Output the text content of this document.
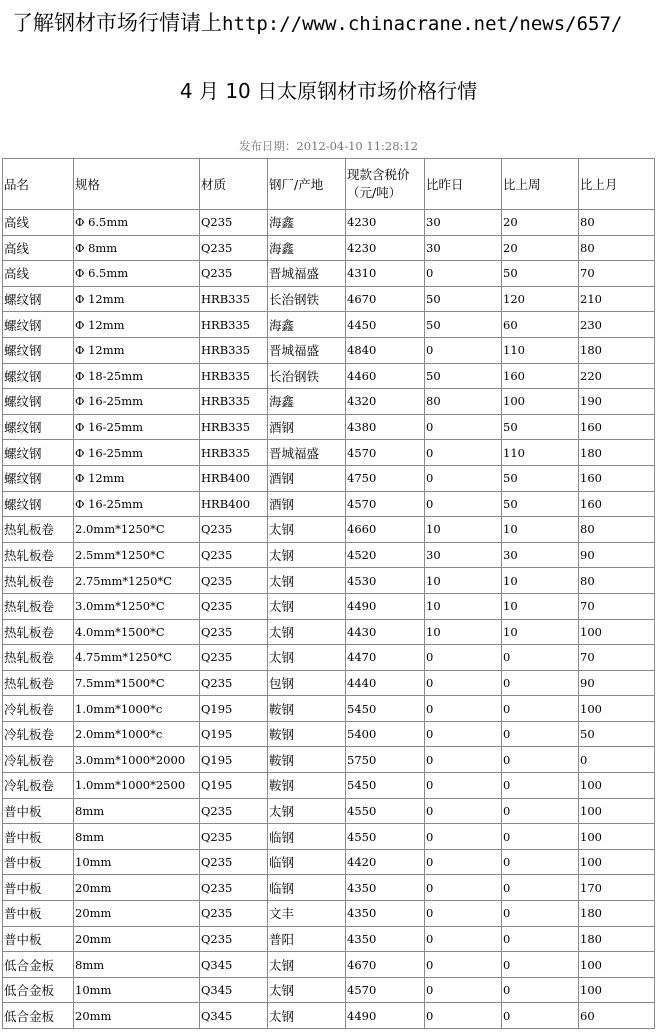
了解钢材市场行情请上http://www.chinacrane.net/news/657/
4 月 10 日太原钢材市场价格行情
发布日期：2012-04-10 11:28:12
品名	规格	材质	钢厂/产地	现款含税价（元/吨）	比昨日	比上周	比上月
高线	Φ 6.5mm	Q235	海鑫	4230	30	20	80
高线	Φ 8mm	Q235	海鑫	4230	30	20	80
高线	Φ 6.5mm	Q235	晋城福盛	4310	0	50	70
螺纹钢	Φ 12mm	HRB335	长治钢铁	4670	50	120	210
螺纹钢	Φ 12mm	HRB335	海鑫	4450	50	60	230
螺纹钢	Φ 12mm	HRB335	晋城福盛	4840	0	110	180
螺纹钢	Φ 18-25mm	HRB335	长治钢铁	4460	50	160	220
螺纹钢	Φ 16-25mm	HRB335	海鑫	4320	80	100	190
螺纹钢	Φ 16-25mm	HRB335	酒钢	4380	0	50	160
螺纹钢	Φ 16-25mm	HRB335	晋城福盛	4570	0	110	180
螺纹钢	Φ 12mm	HRB400	酒钢	4750	0	50	160
螺纹钢	Φ 16-25mm	HRB400	酒钢	4570	0	50	160
热轧板卷	2.0mm*1250*C	Q235	太钢	4660	10	10	80
热轧板卷	2.5mm*1250*C	Q235	太钢	4520	30	30	90
热轧板卷	2.75mm*1250*C	Q235	太钢	4530	10	10	80
热轧板卷	3.0mm*1250*C	Q235	太钢	4490	10	10	70
热轧板卷	4.0mm*1500*C	Q235	太钢	4430	10	10	100
热轧板卷	4.75mm*1250*C	Q235	太钢	4470	0	0	70
热轧板卷	7.5mm*1500*C	Q235	包钢	4440	0	0	90
冷轧板卷	1.0mm*1000*c	Q195	鞍钢	5450	0	0	100
冷轧板卷	2.0mm*1000*c	Q195	鞍钢	5400	0	0	50
冷轧板卷	3.0mm*1000*2000	Q195	鞍钢	5750	0	0	0
冷轧板卷	1.0mm*1000*2500	Q195	鞍钢	5450	0	0	100
普中板	8mm	Q235	太钢	4550	0	0	100
普中板	8mm	Q235	临钢	4550	0	0	100
普中板	10mm	Q235	临钢	4420	0	0	100
普中板	20mm	Q235	临钢	4350	0	0	170
普中板	20mm	Q235	文丰	4350	0	0	180
普中板	20mm	Q235	普阳	4350	0	0	180
低合金板	8mm	Q345	太钢	4670	0	0	100
低合金板	10mm	Q345	太钢	4570	0	0	100
低合金板	20mm	Q345	太钢	4490	0	0	60
